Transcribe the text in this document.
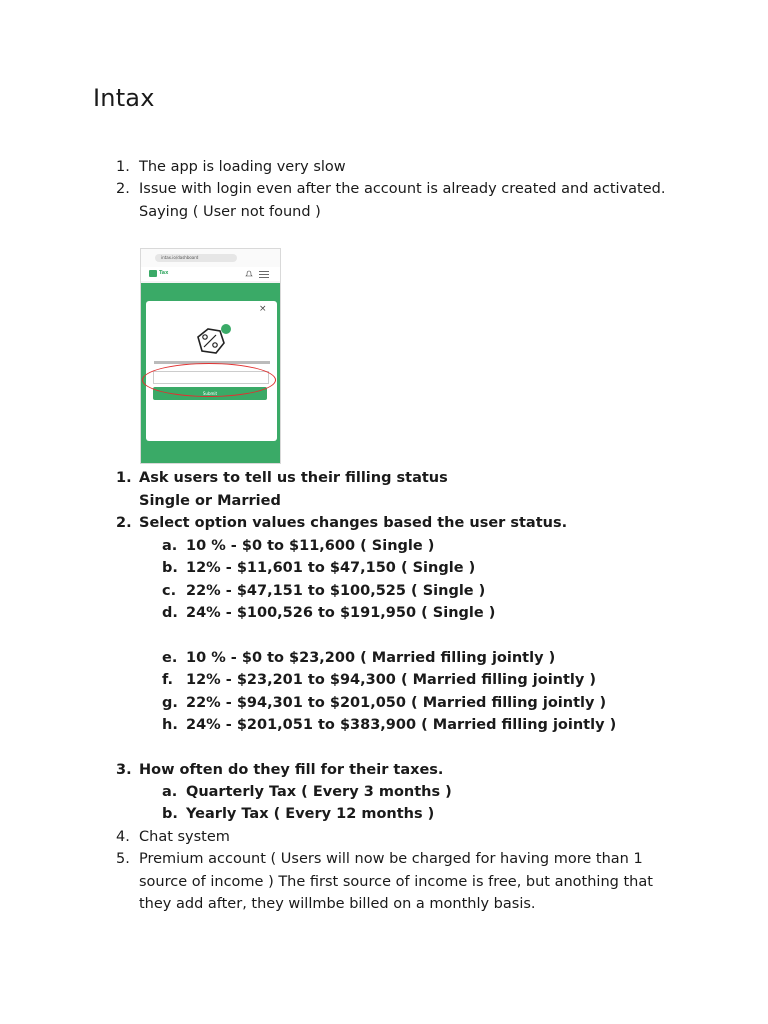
Intax
1. The app is loading very slow
2. Issue with login even after the account is already created and activated.
Saying ( User not found )
intax.io/dashboard
Tax
×
Submit
1. Ask users to tell us their filling status
Single or Married
2. Select option values changes based the user status.
a. 10 % - $0 to $11,600 ( Single )
b. 12% - $11,601 to $47,150 ( Single )
c. 22% - $47,151 to $100,525 ( Single )
d. 24% - $100,526 to $191,950 ( Single )
e. 10 % - $0 to $23,200 ( Married filling jointly )
f. 12% - $23,201 to $94,300 ( Married filling jointly )
g. 22% - $94,301 to $201,050 ( Married filling jointly )
h. 24% - $201,051 to $383,900 ( Married filling jointly )
3. How often do they fill for their taxes.
a. Quarterly Tax ( Every 3 months )
b. Yearly Tax ( Every 12 months )
4. Chat system
5. Premium account ( Users will now be charged for having more than 1
source of income ) The first source of income is free, but anothing that
they add after, they willmbe billed on a monthly basis.
